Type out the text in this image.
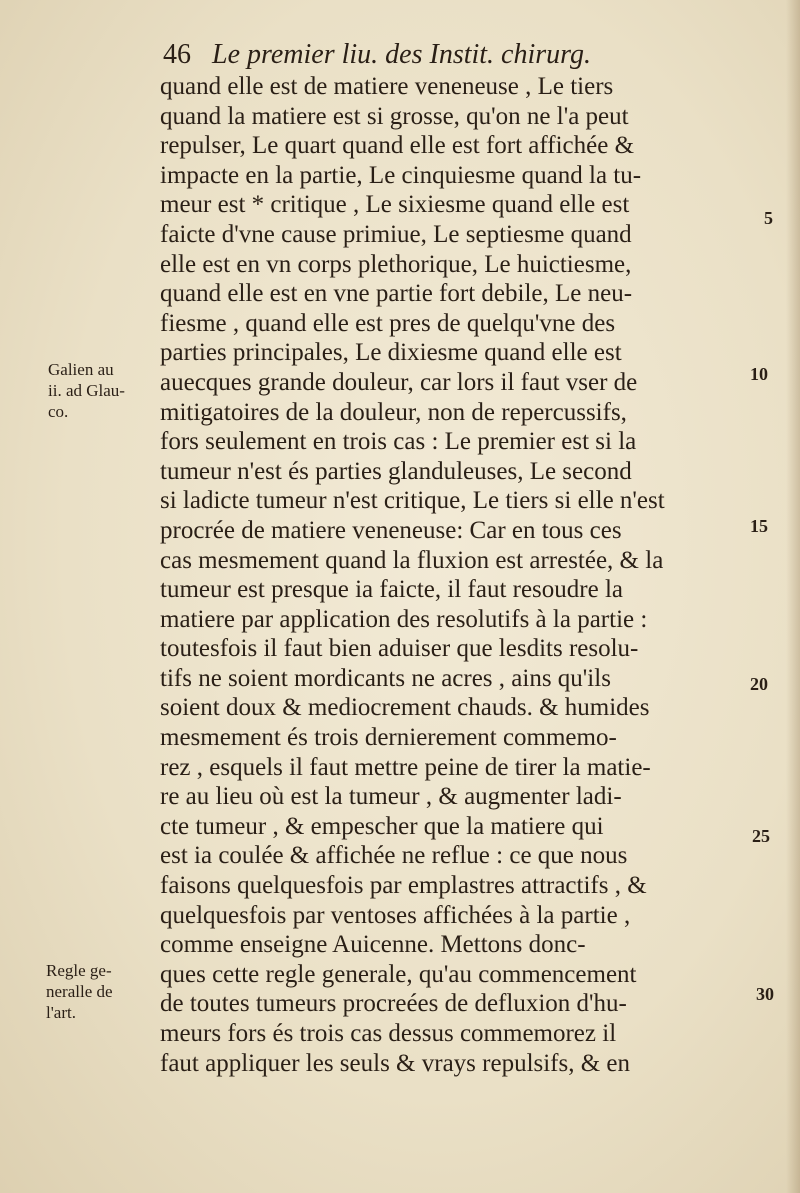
46 Le premier liu. des Instit. chirurg.
quand elle est de matiere veneneuse , Le tiers
quand la matiere est si grosse, qu'on ne l'a peut
repulser, Le quart quand elle est fort affichée &
impacte en la partie, Le cinquiesme quand la tu-
meur est * critique , Le sixiesme quand elle est
faicte d'vne cause primiue, Le septiesme quand
elle est en vn corps plethorique, Le huictiesme,
quand elle est en vne partie fort debile, Le neu-
fiesme , quand elle est pres de quelqu'vne des
parties principales, Le dixiesme quand elle est
auecques grande douleur, car lors il faut vser de
mitigatoires de la douleur, non de repercussifs,
fors seulement en trois cas : Le premier est si la
tumeur n'est és parties glanduleuses, Le second
si ladicte tumeur n'est critique, Le tiers si elle n'est
procrée de matiere veneneuse: Car en tous ces
cas mesmement quand la fluxion est arrestée, & la
tumeur est presque ia faicte, il faut resoudre la
matiere par application des resolutifs à la partie :
toutesfois il faut bien aduiser que lesdits resolu-
tifs ne soient mordicants ne acres , ains qu'ils
soient doux & mediocrement chauds. & humides
mesmement és trois dernierement commemo-
rez , esquels il faut mettre peine de tirer la matie-
re au lieu où est la tumeur , & augmenter ladi-
cte tumeur , & empescher que la matiere qui
est ia coulée & affichée ne reflue : ce que nous
faisons quelquesfois par emplastres attractifs , &
quelquesfois par ventoses affichées à la partie ,
comme enseigne Auicenne. Mettons donc-
ques cette regle generale, qu'au commencement
de toutes tumeurs procreées de defluxion d'hu-
meurs fors és trois cas dessus commemorez il
faut appliquer les seuls & vrays repulsifs, & en
Galien au
ii. ad Glau-
co.
Regle ge-
neralle de
l'art.
5
10
15
20
25
30
